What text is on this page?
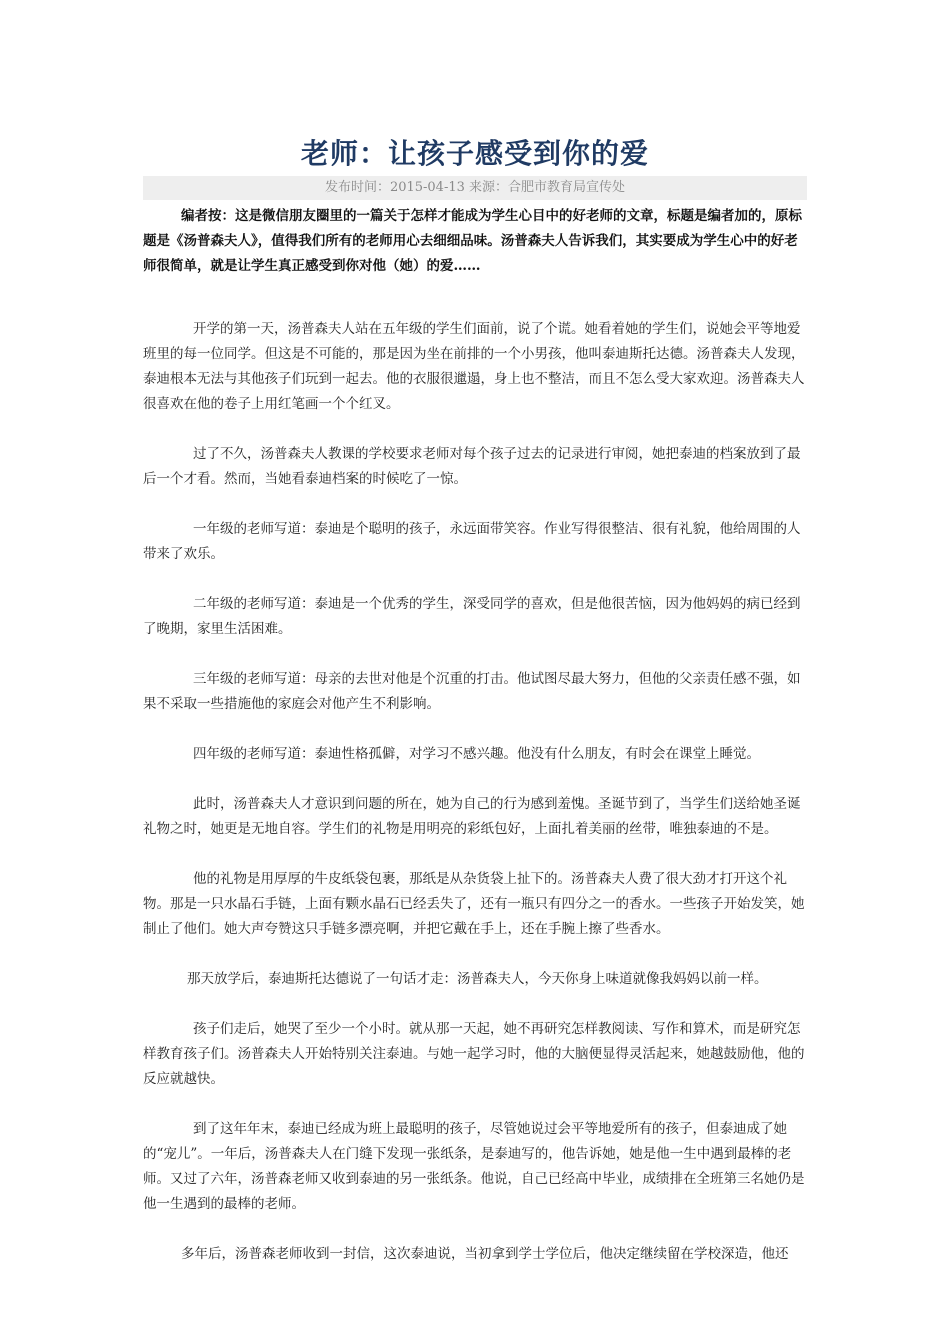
老师：让孩子感受到你的爱
发布时间：2015-04-13 来源：合肥市教育局宣传处
编者按：这是微信朋友圈里的一篇关于怎样才能成为学生心目中的好老师的文章，标题是编者加的，原标题是《汤普森夫人》，值得我们所有的老师用心去细细品味。汤普森夫人告诉我们，其实要成为学生心中的好老师很简单，就是让学生真正感受到你对他（她）的爱……

开学的第一天，汤普森夫人站在五年级的学生们面前，说了个谎。她看着她的学生们，说她会平等地爱班里的每一位同学。但这是不可能的，那是因为坐在前排的一个小男孩，他叫泰迪斯托达德。汤普森夫人发现，泰迪根本无法与其他孩子们玩到一起去。他的衣服很邋遢，身上也不整洁，而且不怎么受大家欢迎。汤普森夫人很喜欢在他的卷子上用红笔画一个个红叉。

过了不久，汤普森夫人教课的学校要求老师对每个孩子过去的记录进行审阅，她把泰迪的档案放到了最后一个才看。然而，当她看泰迪档案的时候吃了一惊。

一年级的老师写道：泰迪是个聪明的孩子，永远面带笑容。作业写得很整洁、很有礼貌，他给周围的人带来了欢乐。

二年级的老师写道：泰迪是一个优秀的学生，深受同学的喜欢，但是他很苦恼，因为他妈妈的病已经到了晚期，家里生活困难。

三年级的老师写道：母亲的去世对他是个沉重的打击。他试图尽最大努力，但他的父亲责任感不强，如果不采取一些措施他的家庭会对他产生不利影响。

四年级的老师写道：泰迪性格孤僻，对学习不感兴趣。他没有什么朋友，有时会在课堂上睡觉。

此时，汤普森夫人才意识到问题的所在，她为自己的行为感到羞愧。圣诞节到了，当学生们送给她圣诞礼物之时，她更是无地自容。学生们的礼物是用明亮的彩纸包好，上面扎着美丽的丝带，唯独泰迪的不是。

他的礼物是用厚厚的牛皮纸袋包裹，那纸是从杂货袋上扯下的。汤普森夫人费了很大劲才打开这个礼物。那是一只水晶石手链，上面有颗水晶石已经丢失了，还有一瓶只有四分之一的香水。一些孩子开始发笑，她制止了他们。她大声夸赞这只手链多漂亮啊，并把它戴在手上，还在手腕上擦了些香水。

那天放学后，泰迪斯托达德说了一句话才走：汤普森夫人，今天你身上味道就像我妈妈以前一样。

孩子们走后，她哭了至少一个小时。就从那一天起，她不再研究怎样教阅读、写作和算术，而是研究怎样教育孩子们。汤普森夫人开始特别关注泰迪。与她一起学习时，他的大脑便显得灵活起来，她越鼓励他，他的反应就越快。

到了这年年末，泰迪已经成为班上最聪明的孩子，尽管她说过会平等地爱所有的孩子，但泰迪成了她的“宠儿”。一年后，汤普森夫人在门缝下发现一张纸条，是泰迪写的，他告诉她，她是他一生中遇到最棒的老师。又过了六年，汤普森老师又收到泰迪的另一张纸条。他说，自己已经高中毕业，成绩排在全班第三名她仍是他一生遇到的最棒的老师。

多年后，汤普森老师收到一封信，这次泰迪说，当初拿到学士学位后，他决定继续留在学校深造，他还
